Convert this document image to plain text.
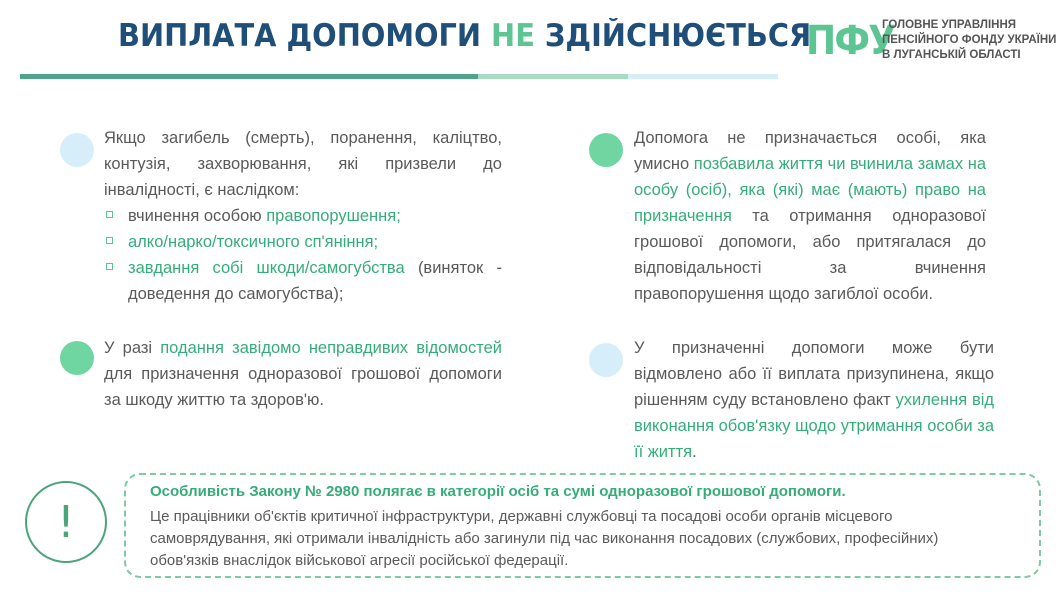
ВИПЛАТА ДОПОМОГИ НЕ ЗДІЙСНЮЄТЬСЯ
ПФУ
ГОЛОВНЕ УПРАВЛІННЯ
ПЕНСІЙНОГО ФОНДУ УКРАЇНИ
В ЛУГАНСЬКІЙ ОБЛАСТІ
Якщо загибель (смерть), поранення, каліцтво, контузія, захворювання, які призвели до інвалідності, є наслідком:
вчинення особою правопорушення;
алко/нарко/токсичного сп'яніння;
завдання собі шкоди/самогубства (виняток - доведення до самогубства);
У разі подання завідомо неправдивих відомостей для призначення одноразової грошової допомоги за шкоду життю та здоров'ю.
Допомога не призначається особі, яка умисно позбавила життя чи вчинила замах на особу (осіб), яка (які) має (мають) право на призначення та отримання одноразової грошової допомоги, або притягалася до відповідальності за вчинення правопорушення щодо загиблої особи.
У призначенні допомоги може бути відмовлено або її виплата призупинена, якщо рішенням суду встановлено факт ухилення від виконання обов'язку щодо утримання особи за її життя.
!
Особливість Закону № 2980 полягає в категорії осіб та сумі одноразової грошової допомоги.
Це працівники об'єктів критичної інфраструктури, державні службовці та посадові особи органів місцевого самоврядування, які отримали інвалідність або загинули під час виконання посадових (службових, професійних) обов'язків внаслідок військової агресії російської федерації.
